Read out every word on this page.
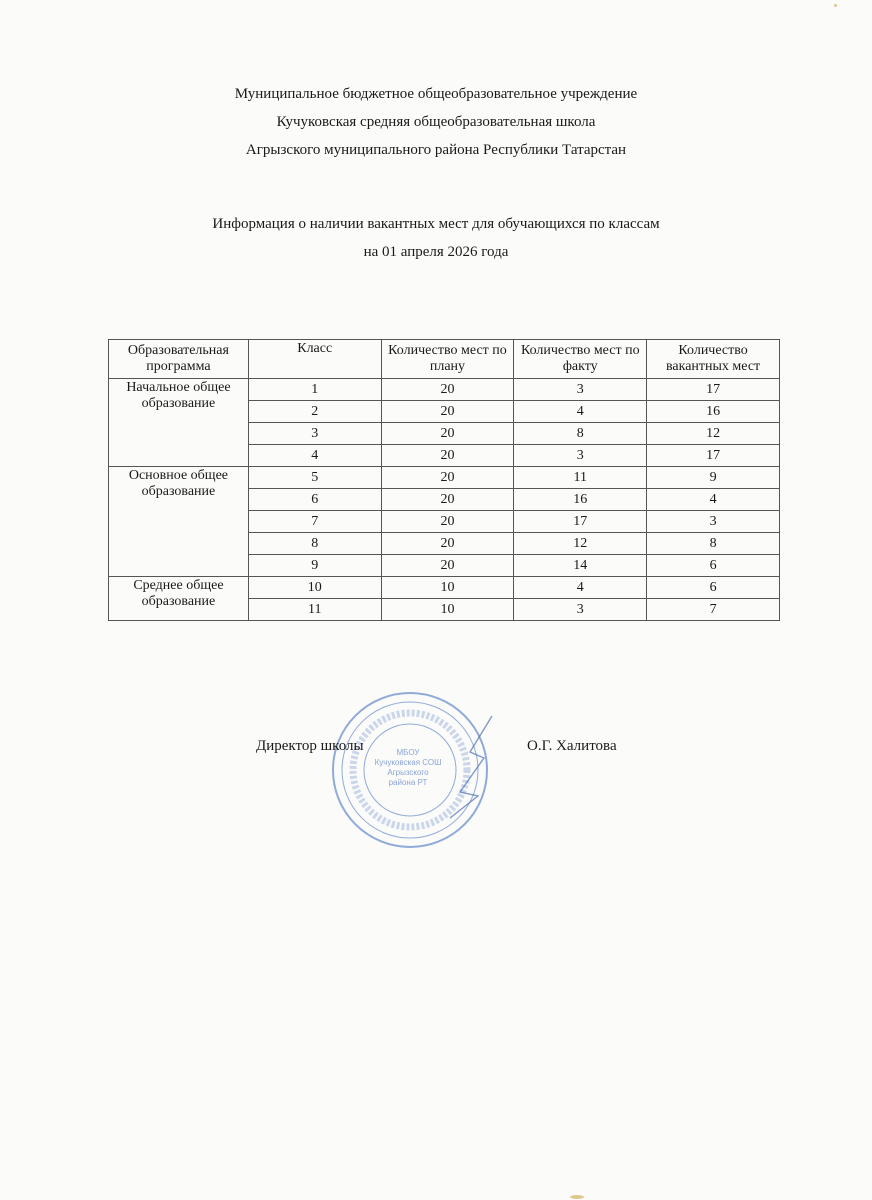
Муниципальное бюджетное общеобразовательное учреждение
Кучуковская средняя общеобразовательная школа
Агрызского муниципального района Республики Татарстан
Информация о наличии вакантных мест для обучающихся по классам
на 01 апреля 2026 года
Образовательная программа	Класс	Количество мест по плану	Количество мест по факту	Количество вакантных мест
Начальное общее образование	1	20	3	17
	2	20	4	16
	3	20	8	12
	4	20	3	17
Основное общее образование	5	20	11	9
	6	20	16	4
	7	20	17	3
	8	20	12	8
	9	20	14	6
Среднее общее образование	10	10	4	6
	11	10	3	7
МБОУ
Кучуковская СОШ
Агрызского
района РТ
Директор школы	О.Г. Халитова
